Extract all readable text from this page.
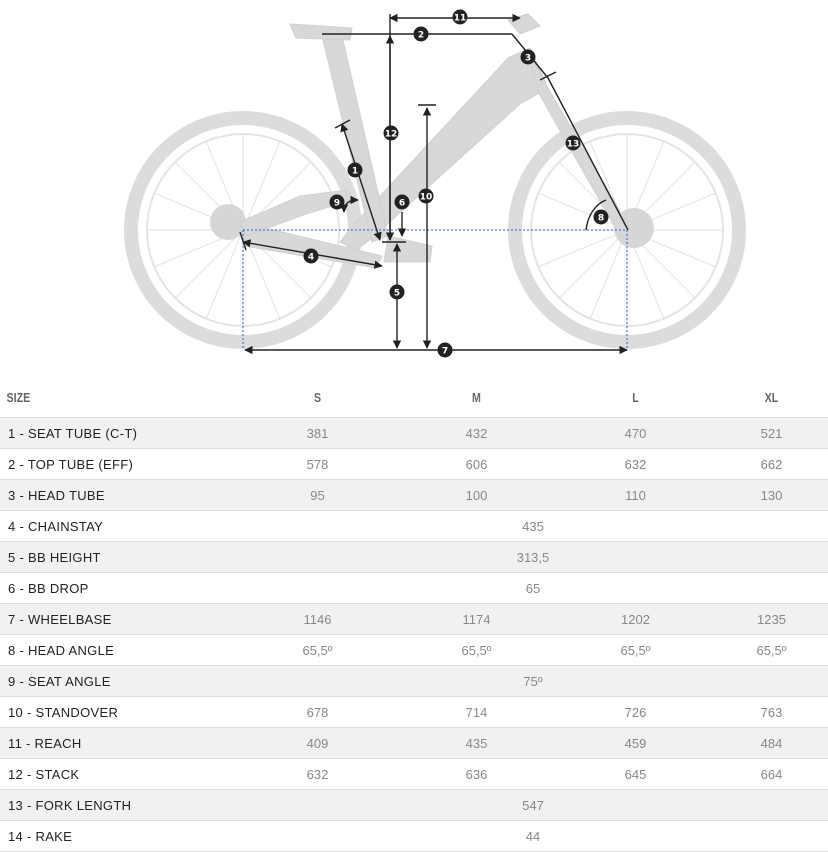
1
2
3
4
5
6
7
8
9
10
11
12
13
SIZE	S	M	L	XL
1 - SEAT TUBE (C-T)	381	432	470	521
2 - TOP TUBE (EFF)	578	606	632	662
3 - HEAD TUBE	95	100	110	130
4 - CHAINSTAY	435			
5 - BB HEIGHT	313,5			
6 - BB DROP	65			
7 - WHEELBASE	1146	1174	1202	1235
8 - HEAD ANGLE	65,5º	65,5º	65,5º	65,5º
9 - SEAT ANGLE	75º			
10 - STANDOVER	678	714	726	763
11 - REACH	409	435	459	484
12 - STACK	632	636	645	664
13 - FORK LENGTH	547			
14 - RAKE	44			
